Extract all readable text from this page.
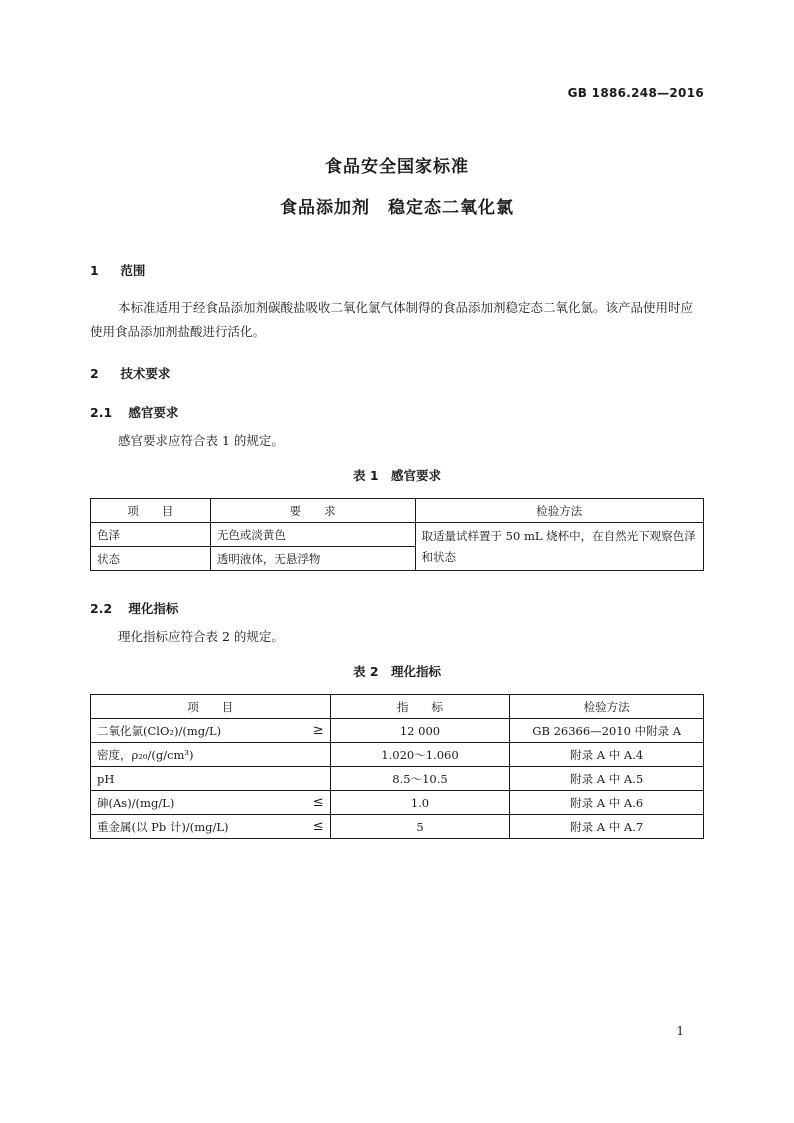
GB 1886.248—2016
食品安全国家标准
食品添加剂　稳定态二氧化氯
1 范围
本标准适用于经食品添加剂碳酸盐吸收二氧化氯气体制得的食品添加剂稳定态二氧化氯。该产品使用时应使用食品添加剂盐酸进行活化。
2 技术要求
2.1 感官要求
感官要求应符合表 1 的规定。
表 1　感官要求
项　　目	要　　求	检验方法
色泽	无色或淡黄色	取适量试样置于 50 mL 烧杯中，在自然光下观察色泽和状态
状态	透明液体，无悬浮物	
2.2 理化指标
理化指标应符合表 2 的规定。
表 2　理化指标
项　　目	指　　标	检验方法

≥
二氧化氯(ClO₂)/(mg/L)	12 000	GB 26366—2010 中附录 A

密度，ρ₂₀/(g/cm³)	1.020～1.060	附录 A 中 A.4

pH	8.5～10.5	附录 A 中 A.5

≤
砷(As)/(mg/L)	1.0	附录 A 中 A.6

≤
重金属(以 Pb 计)/(mg/L)	5	附录 A 中 A.7
1
